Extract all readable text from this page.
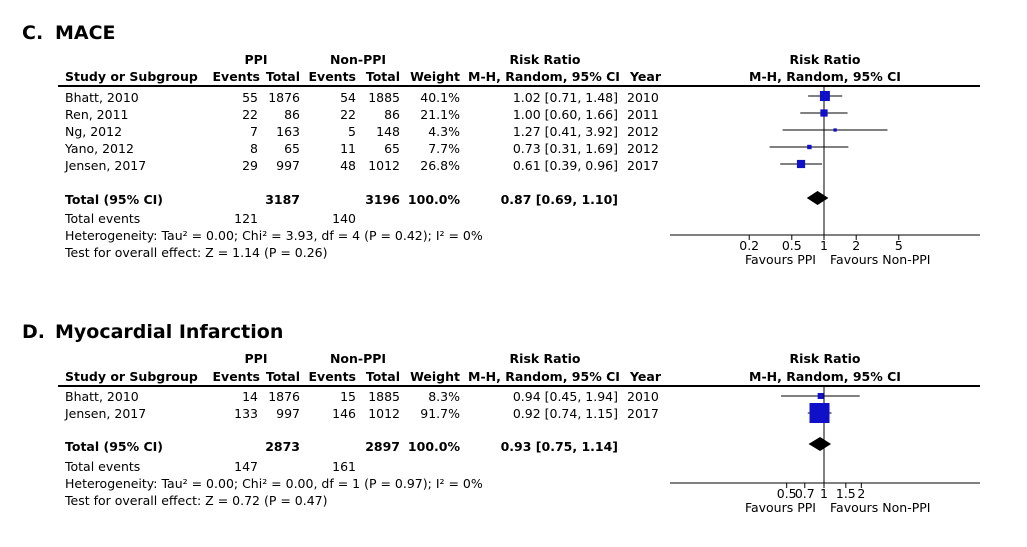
C. MACE
PPI	Non-PPI	Risk Ratio	Risk Ratio
Study or Subgroup	Events Total Events Total Weight M-H, Random, 95% CI Year	M-H, Random, 95% CI
Bhatt, 2010	55 1876	54 1885	40.1%	1.02 [0.71, 1.48] 2010
Ren, 2011	22	86	22	86	21.1%	1.00 [0.60, 1.66] 2011
Ng, 2012	7	163	5	148	4.3%	1.27 [0.41, 3.92] 2012
Yano, 2012	8	65	11	65	7.7%	0.73 [0.31, 1.69] 2012
Jensen, 2017	29	997	48 1012	26.8%	0.61 [0.39, 0.96] 2017
Total (95% CI)	3187	3196 100.0%	0.87 [0.69, 1.10]
Total events	121	140
Heterogeneity: Tau² = 0.00; Chi² = 3.93, df = 4 (P = 0.42); I² = 0%
Test for overall effect: Z = 1.14 (P = 0.26)	0.2 0.5 1 2	5
Favours PPI Favours Non-PPI
D. Myocardial Infarction
PPI	Non-PPI	Risk Ratio	Risk Ratio
Study or Subgroup	Events Total Events Total Weight M-H, Random, 95% CI Year	M-H, Random, 95% CI
Bhatt, 2010	14 1876	15 1885	8.3%	0.94 [0.45, 1.94] 2010
Jensen, 2017	133	997	146 1012	91.7%	0.92 [0.74, 1.15] 2017
Total (95% CI)	2873	2897 100.0%	0.93 [0.75, 1.14]
Total events	147	161
Heterogeneity: Tau² = 0.00; Chi² = 0.00, df = 1 (P = 0.97); I² = 0%
Test for overall effect: Z = 0.72 (P = 0.47)	0.5
0.7 1 1.5 2
Favours PPI Favours Non-PPI
